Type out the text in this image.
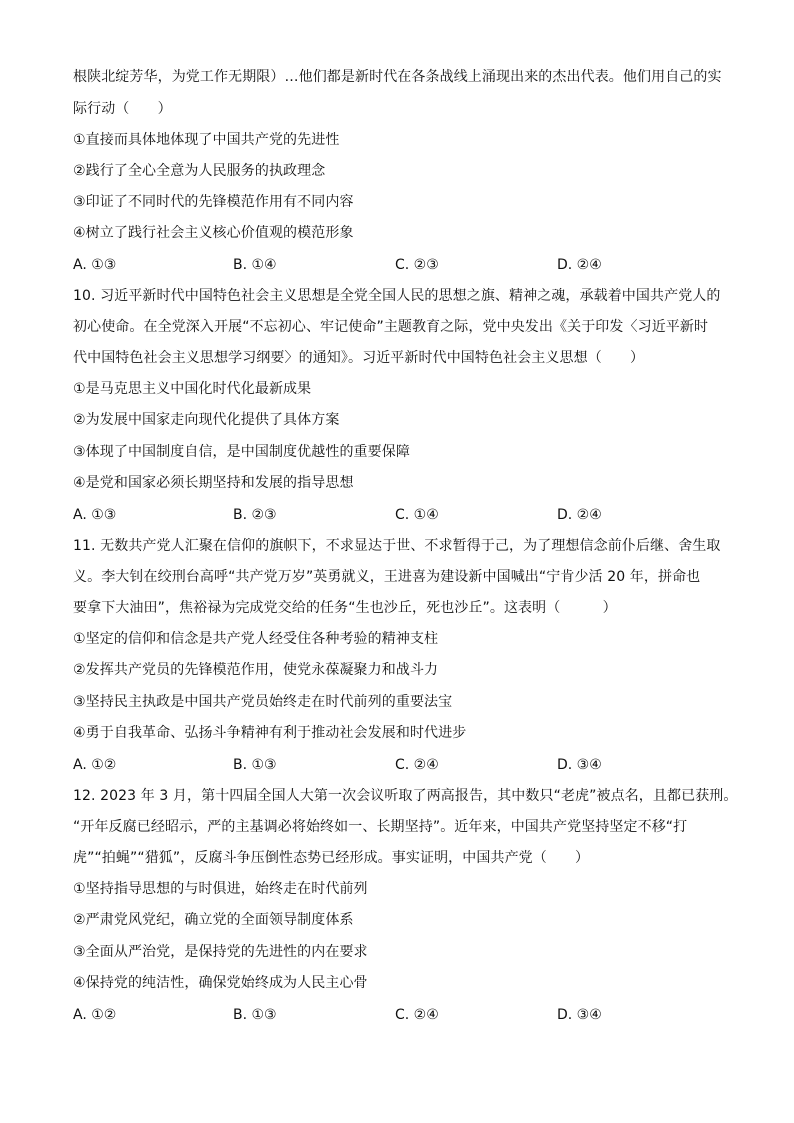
根陕北绽芳华，为党工作无期限）…他们都是新时代在各条战线上涌现出来的杰出代表。他们用自己的实
际行动（　　）
①直接而具体地体现了中国共产党的先进性
②践行了全心全意为人民服务的执政理念
③印证了不同时代的先锋模范作用有不同内容
④树立了践行社会主义核心价值观的模范形象
A. ①③	B. ①④	C. ②③	D. ②④
10. 习近平新时代中国特色社会主义思想是全党全国人民的思想之旗、精神之魂，承载着中国共产党人的
初心使命。在全党深入开展“不忘初心、牢记使命”主题教育之际，党中央发出《关于印发〈习近平新时
代中国特色社会主义思想学习纲要〉的通知》。习近平新时代中国特色社会主义思想（　　）
①是马克思主义中国化时代化最新成果
②为发展中国家走向现代化提供了具体方案
③体现了中国制度自信，是中国制度优越性的重要保障
④是党和国家必须长期坚持和发展的指导思想
A. ①③	B. ②③	C. ①④	D. ②④
11. 无数共产党人汇聚在信仰的旗帜下，不求显达于世、不求暂得于己，为了理想信念前仆后继、舍生取
义。李大钊在绞刑台高呼“共产党万岁”英勇就义，王进喜为建设新中国喊出“宁肯少活 20 年，拼命也
要拿下大油田”，焦裕禄为完成党交给的任务“生也沙丘，死也沙丘”。这表明（　　　）
①坚定的信仰和信念是共产党人经受住各种考验的精神支柱
②发挥共产党员的先锋模范作用，使党永葆凝聚力和战斗力
③坚持民主执政是中国共产党员始终走在时代前列的重要法宝
④勇于自我革命、弘扬斗争精神有利于推动社会发展和时代进步
A. ①②	B. ①③	C. ②④	D. ③④
12. 2023 年 3 月，第十四届全国人大第一次会议听取了两高报告，其中数只“老虎”被点名，且都已获刑。
“开年反腐已经昭示，严的主基调必将始终如一、长期坚持”。近年来，中国共产党坚持坚定不移“打
虎”“拍蝇”“猎狐”，反腐斗争压倒性态势已经形成。事实证明，中国共产党（　　）
①坚持指导思想的与时俱进，始终走在时代前列
②严肃党风党纪，确立党的全面领导制度体系
③全面从严治党，是保持党的先进性的内在要求
④保持党的纯洁性，确保党始终成为人民主心骨
A. ①②	B. ①③	C. ②④	D. ③④
